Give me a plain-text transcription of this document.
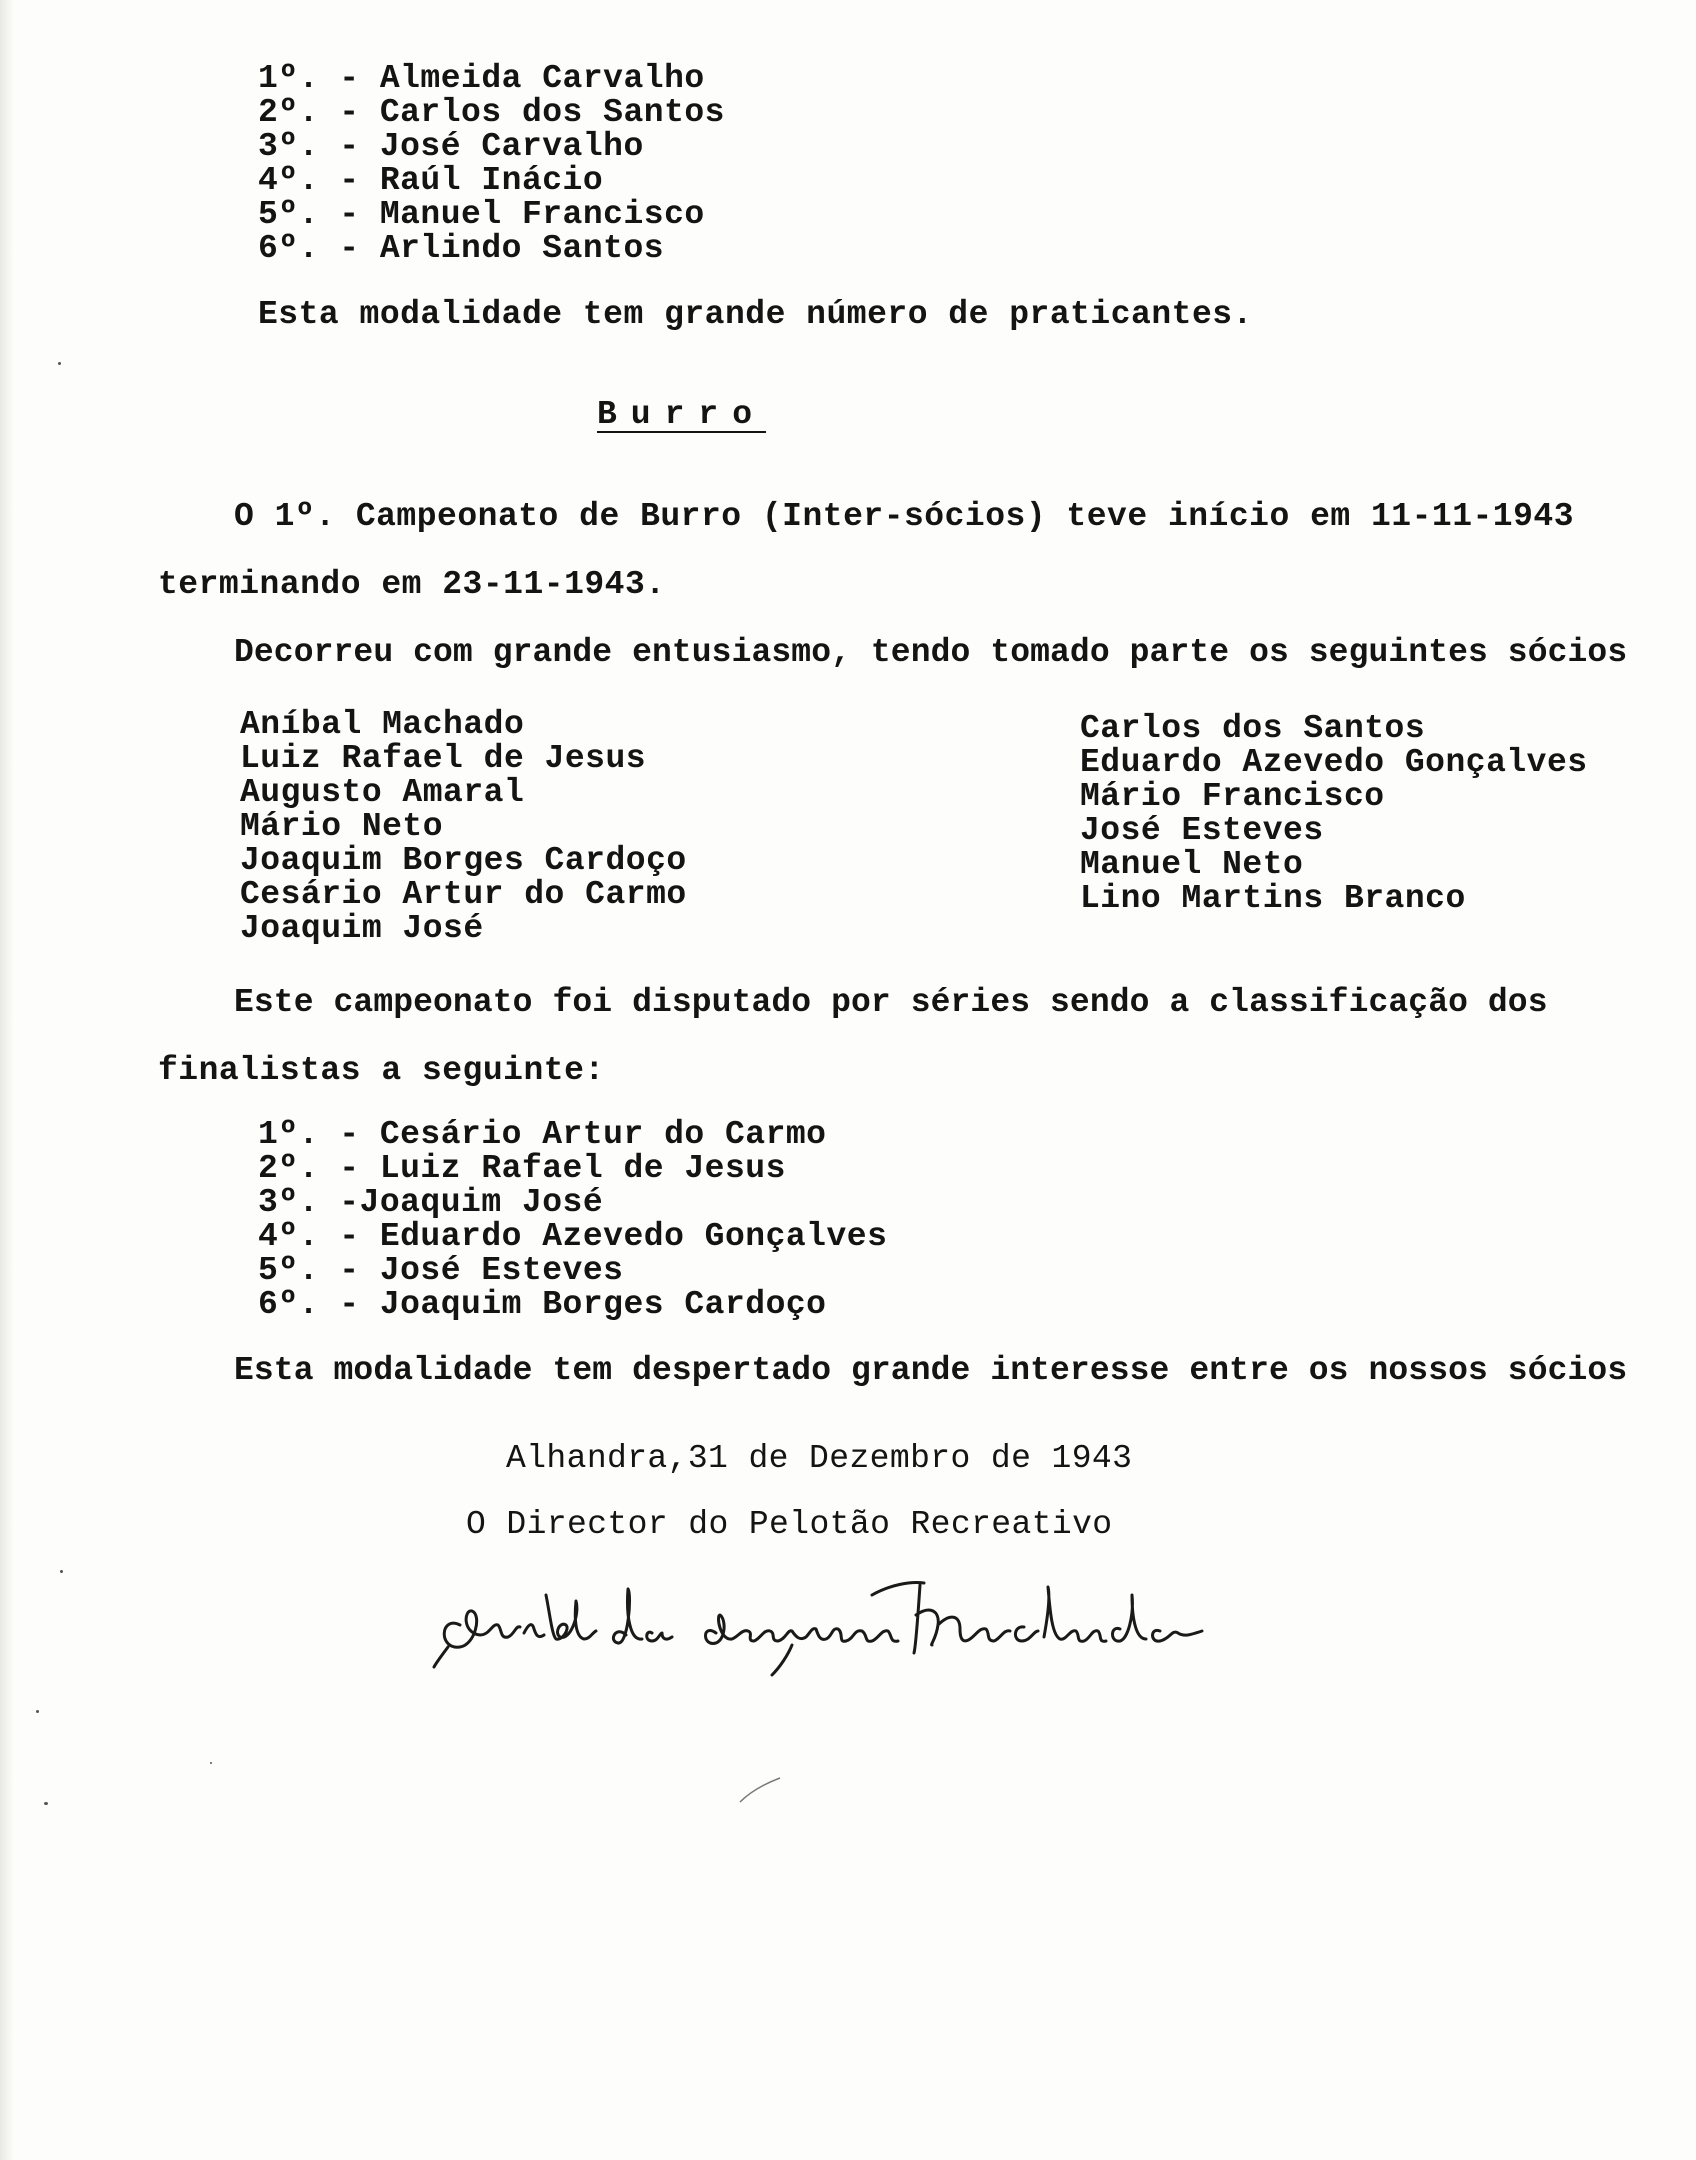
1º. - Almeida Carvalho
2º. - Carlos dos Santos
3º. - José Carvalho
4º. - Raúl Inácio
5º. - Manuel Francisco
6º. - Arlindo Santos
Esta modalidade tem grande número de praticantes.
Burro
O 1º. Campeonato de Burro (Inter-sócios) teve início em 11-11-1943
terminando em 23-11-1943.
Decorreu com grande entusiasmo, tendo tomado parte os seguintes sócios
Aníbal Machado
Luiz Rafael de Jesus
Augusto Amaral
Mário Neto
Joaquim Borges Cardoço
Cesário Artur do Carmo
Joaquim José
Carlos dos Santos
Eduardo Azevedo Gonçalves
Mário Francisco
José Esteves
Manuel Neto
Lino Martins Branco
Este campeonato foi disputado por séries sendo a classificação dos
finalistas a seguinte:
1º. - Cesário Artur do Carmo
2º. - Luiz Rafael de Jesus
3º. -Joaquim José
4º. - Eduardo Azevedo Gonçalves
5º. - José Esteves
6º. - Joaquim Borges Cardoço
Esta modalidade tem despertado grande interesse entre os nossos sócios
Alhandra,31 de Dezembro de 1943
O Director do Pelotão Recreativo
